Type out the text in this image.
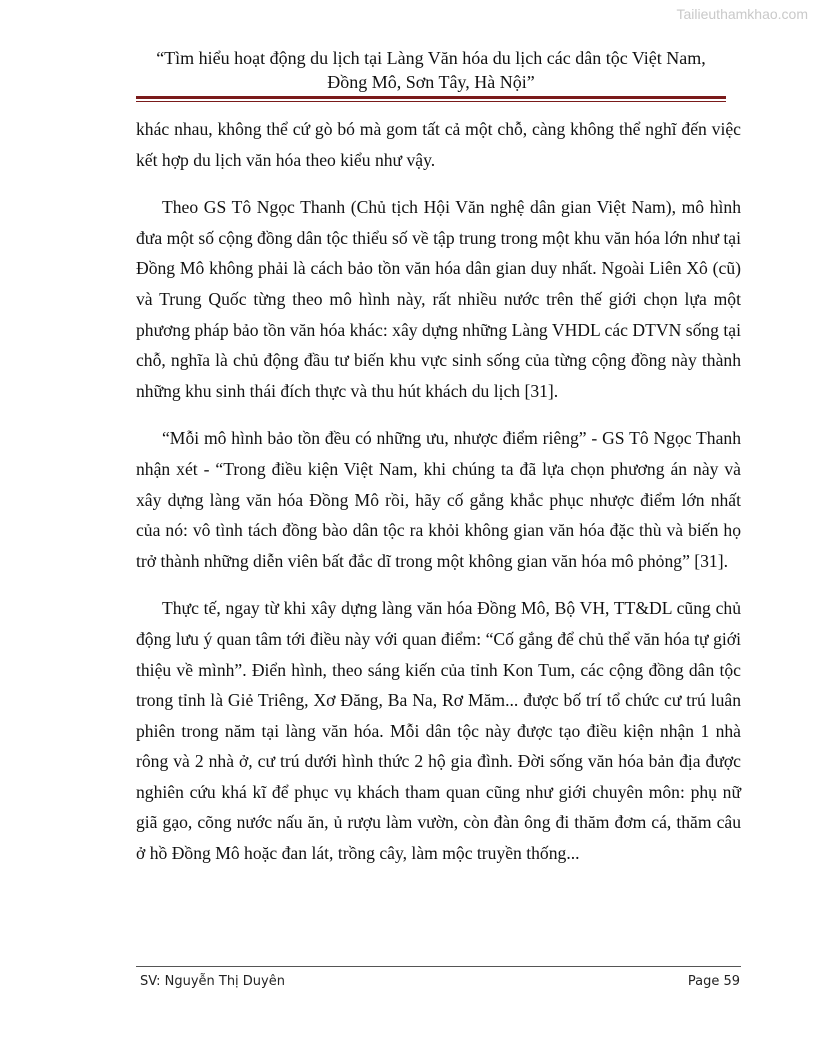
Tailieuthamkhao.com
“Tìm hiểu hoạt động du lịch tại Làng Văn hóa du lịch các dân tộc Việt Nam,
Đồng Mô, Sơn Tây, Hà Nội”

khác nhau, không thể cứ gò bó mà gom tất cả một chỗ, càng không thể nghĩ đến việc kết hợp du lịch văn hóa theo kiểu như vậy.

Theo GS Tô Ngọc Thanh (Chủ tịch Hội Văn nghệ dân gian Việt Nam), mô hình đưa một số cộng đồng dân tộc thiểu số về tập trung trong một khu văn hóa lớn như tại Đồng Mô không phải là cách bảo tồn văn hóa dân gian duy nhất. Ngoài Liên Xô (cũ) và Trung Quốc từng theo mô hình này, rất nhiều nước trên thế giới chọn lựa một phương pháp bảo tồn văn hóa khác: xây dựng những Làng VHDL các DTVN sống tại chỗ, nghĩa là chủ động đầu tư biến khu vực sinh sống của từng cộng đồng này thành những khu sinh thái đích thực và thu hút khách du lịch [31].

“Mỗi mô hình bảo tồn đều có những ưu, nhược điểm riêng” - GS Tô Ngọc Thanh nhận xét - “Trong điều kiện Việt Nam, khi chúng ta đã lựa chọn phương án này và xây dựng làng văn hóa Đồng Mô rồi, hãy cố gắng khắc phục nhược điểm lớn nhất của nó: vô tình tách đồng bào dân tộc ra khỏi không gian văn hóa đặc thù và biến họ trở thành những diễn viên bất đắc dĩ trong một không gian văn hóa mô phỏng” [31].

Thực tế, ngay từ khi xây dựng làng văn hóa Đồng Mô, Bộ VH, TT&DL cũng chủ động lưu ý quan tâm tới điều này với quan điểm: “Cố gắng để chủ thể văn hóa tự giới thiệu về mình”. Điển hình, theo sáng kiến của tỉnh Kon Tum, các cộng đồng dân tộc trong tỉnh là Giẻ Triêng, Xơ Đăng, Ba Na, Rơ Măm... được bố trí tổ chức cư trú luân phiên trong năm tại làng văn hóa. Mỗi dân tộc này được tạo điều kiện nhận 1 nhà rông và 2 nhà ở, cư trú dưới hình thức 2 hộ gia đình. Đời sống văn hóa bản địa được nghiên cứu khá kĩ để phục vụ khách tham quan cũng như giới chuyên môn: phụ nữ giã gạo, cõng nước nấu ăn, ủ rượu làm vườn, còn đàn ông đi thăm đơm cá, thăm câu ở hồ Đồng Mô hoặc đan lát, trồng cây, làm mộc truyền thống...

SV: Nguyễn Thị Duyên	Page 59
